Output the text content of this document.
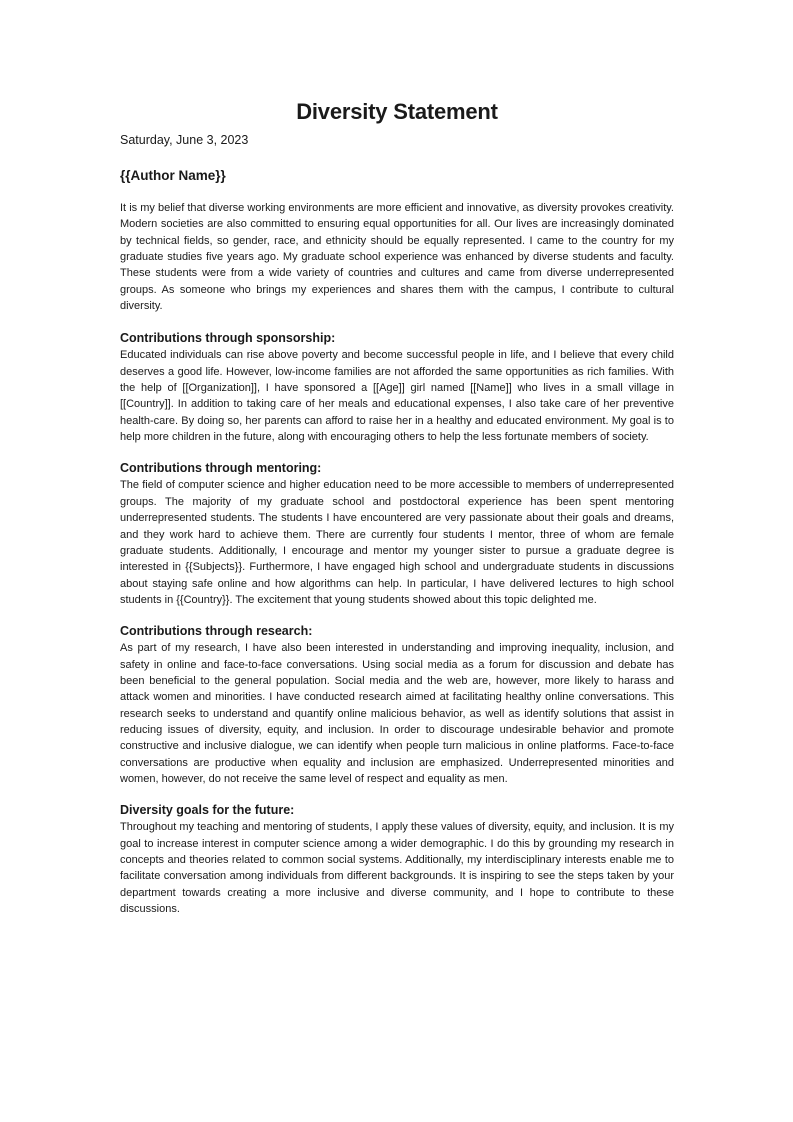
Diversity Statement

Saturday, June 3, 2023

{{Author Name}}

It is my belief that diverse working environments are more efficient and innovative, as diversity provokes creativity. Modern societies are also committed to ensuring equal opportunities for all. Our lives are increasingly dominated by technical fields, so gender, race, and ethnicity should be equally represented. I came to the country for my graduate studies five years ago. My graduate school experience was enhanced by diverse students and faculty. These students were from a wide variety of countries and cultures and came from diverse underrepresented groups. As someone who brings my experiences and shares them with the campus, I contribute to cultural diversity.

Contributions through sponsorship:

Educated individuals can rise above poverty and become successful people in life, and I believe that every child deserves a good life. However, low-income families are not afforded the same opportunities as rich families. With the help of [[Organization]], I have sponsored a [[Age]] girl named [[Name]] who lives in a small village in [[Country]]. In addition to taking care of her meals and educational expenses, I also take care of her preventive health-care. By doing so, her parents can afford to raise her in a healthy and educated environment. My goal is to help more children in the future, along with encouraging others to help the less fortunate members of society.

Contributions through mentoring:

The field of computer science and higher education need to be more accessible to members of underrepresented groups. The majority of my graduate school and postdoctoral experience has been spent mentoring underrepresented students. The students I have encountered are very passionate about their goals and dreams, and they work hard to achieve them. There are currently four students I mentor, three of whom are female graduate students. Additionally, I encourage and mentor my younger sister to pursue a graduate degree is interested in {{Subjects}}. Furthermore, I have engaged high school and undergraduate students in discussions about staying safe online and how algorithms can help. In particular, I have delivered lectures to high school students in {{Country}}. The excitement that young students showed about this topic delighted me.

Contributions through research:

As part of my research, I have also been interested in understanding and improving inequality, inclusion, and safety in online and face-to-face conversations. Using social media as a forum for discussion and debate has been beneficial to the general population. Social media and the web are, however, more likely to harass and attack women and minorities. I have conducted research aimed at facilitating healthy online conversations. This research seeks to understand and quantify online malicious behavior, as well as identify solutions that assist in reducing issues of diversity, equity, and inclusion. In order to discourage undesirable behavior and promote constructive and inclusive dialogue, we can identify when people turn malicious in online platforms. Face-to-face conversations are productive when equality and inclusion are emphasized. Underrepresented minorities and women, however, do not receive the same level of respect and equality as men.

Diversity goals for the future:

Throughout my teaching and mentoring of students, I apply these values of diversity, equity, and inclusion. It is my goal to increase interest in computer science among a wider demographic. I do this by grounding my research in concepts and theories related to common social systems. Additionally, my interdisciplinary interests enable me to facilitate conversation among individuals from different backgrounds. It is inspiring to see the steps taken by your department towards creating a more inclusive and diverse community, and I hope to contribute to these discussions.
